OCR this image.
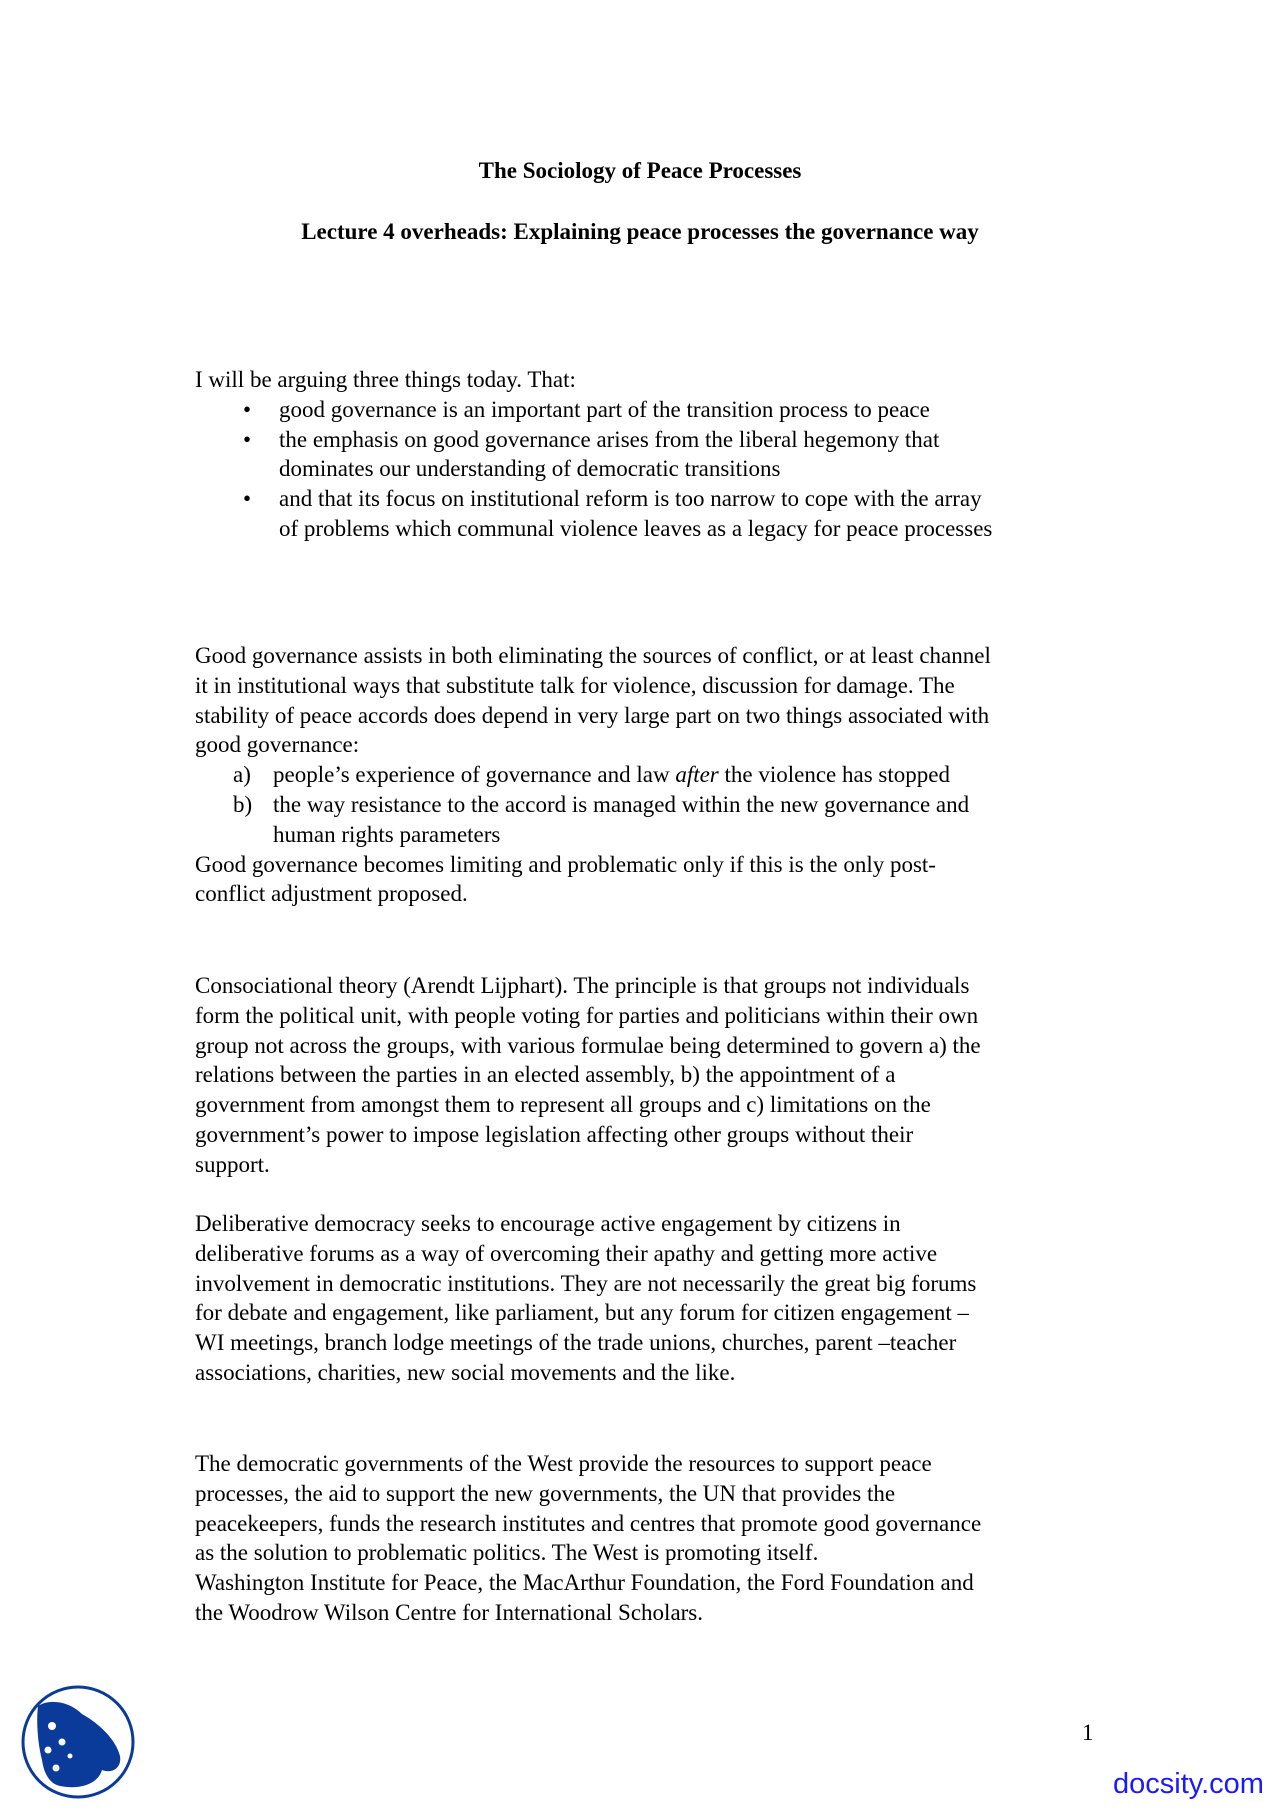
The Sociology of Peace Processes
Lecture 4 overheads: Explaining peace processes the governance way
I will be arguing three things today. That:
• good governance is an important part of the transition process to peace
• the emphasis on good governance arises from the liberal hegemony that
dominates our understanding of democratic transitions
• and that its focus on institutional reform is too narrow to cope with the array
of problems which communal violence leaves as a legacy for peace processes
Good governance assists in both eliminating the sources of conflict, or at least channel
it in institutional ways that substitute talk for violence, discussion for damage. The
stability of peace accords does depend in very large part on two things associated with
good governance:
a) people’s experience of governance and law after the violence has stopped
b) the way resistance to the accord is managed within the new governance and
human rights parameters
Good governance becomes limiting and problematic only if this is the only post-
conflict adjustment proposed.
Consociational theory (Arendt Lijphart). The principle is that groups not individuals
form the political unit, with people voting for parties and politicians within their own
group not across the groups, with various formulae being determined to govern a) the
relations between the parties in an elected assembly, b) the appointment of a
government from amongst them to represent all groups and c) limitations on the
government’s power to impose legislation affecting other groups without their
support.
Deliberative democracy seeks to encourage active engagement by citizens in
deliberative forums as a way of overcoming their apathy and getting more active
involvement in democratic institutions. They are not necessarily the great big forums
for debate and engagement, like parliament, but any forum for citizen engagement –
WI meetings, branch lodge meetings of the trade unions, churches, parent –teacher
associations, charities, new social movements and the like.
The democratic governments of the West provide the resources to support peace
processes, the aid to support the new governments, the UN that provides the
peacekeepers, funds the research institutes and centres that promote good governance
as the solution to problematic politics. The West is promoting itself.
Washington Institute for Peace, the MacArthur Foundation, the Ford Foundation and
the Woodrow Wilson Centre for International Scholars.
1
docsity.com
